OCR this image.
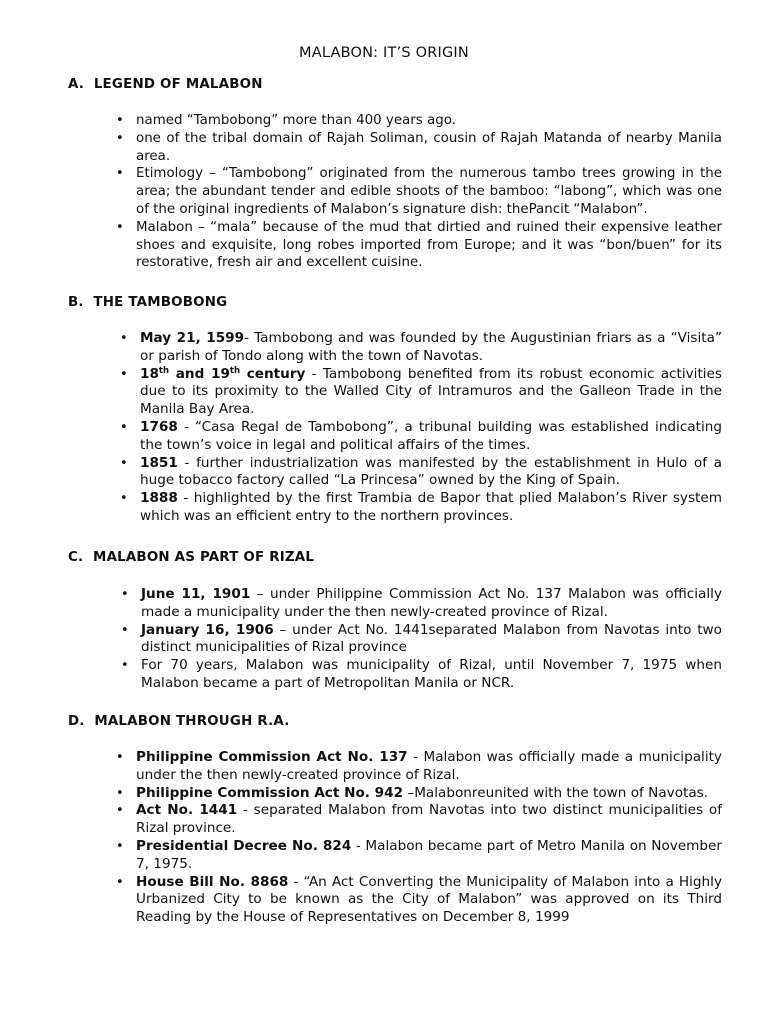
MALABON: IT’S ORIGIN
A.  LEGEND OF MALABON
• named “Tambobong” more than 400 years ago.
• one of the tribal domain of Rajah Soliman, cousin of Rajah Matanda of nearby Manila area.
• Etimology – “Tambobong” originated from the numerous tambo trees growing in the area; the abundant tender and edible shoots of the bamboo: “labong”, which was one of the original ingredients of Malabon’s signature dish: thePancit “Malabon”.
• Malabon – “mala” because of the mud that dirtied and ruined their expensive leather shoes and exquisite, long robes imported from Europe; and it was “bon/buen” for its restorative, fresh air and excellent cuisine.
B.  THE TAMBOBONG
• May 21, 1599- Tambobong and was founded by the Augustinian friars as a “Visita” or parish of Tondo along with the town of Navotas.
• 18th and 19th century - Tambobong benefited from its robust economic activities due to its proximity to the Walled City of Intramuros and the Galleon Trade in the Manila Bay Area.
• 1768 - “Casa Regal de Tambobong”, a tribunal building was established indicating the town’s voice in legal and political affairs of the times.
• 1851 - further industrialization was manifested by the establishment in Hulo of a huge tobacco factory called “La Princesa” owned by the King of Spain.
• 1888 - highlighted by the first Trambia de Bapor that plied Malabon’s River system which was an efficient entry to the northern provinces.
C.  MALABON AS PART OF RIZAL
• June 11, 1901 – under Philippine Commission Act No. 137 Malabon was officially made a municipality under the then newly-created province of Rizal.
• January 16, 1906 – under Act No. 1441separated Malabon from Navotas into two distinct municipalities of Rizal province
• For 70 years, Malabon was municipality of Rizal, until November 7, 1975 when Malabon became a part of Metropolitan Manila or NCR.
D.  MALABON THROUGH R.A.
• Philippine Commission Act No. 137 - Malabon was officially made a municipality under the then newly-created province of Rizal.
• Philippine Commission Act No. 942 –Malabonreunited with the town of Navotas.
• Act No. 1441 - separated Malabon from Navotas into two distinct municipalities of Rizal province.
• Presidential Decree No. 824 - Malabon became part of Metro Manila on November 7, 1975.
• House Bill No. 8868 - “An Act Converting the Municipality of Malabon into a Highly Urbanized City to be known as the City of Malabon” was approved on its Third Reading by the House of Representatives on December 8, 1999
